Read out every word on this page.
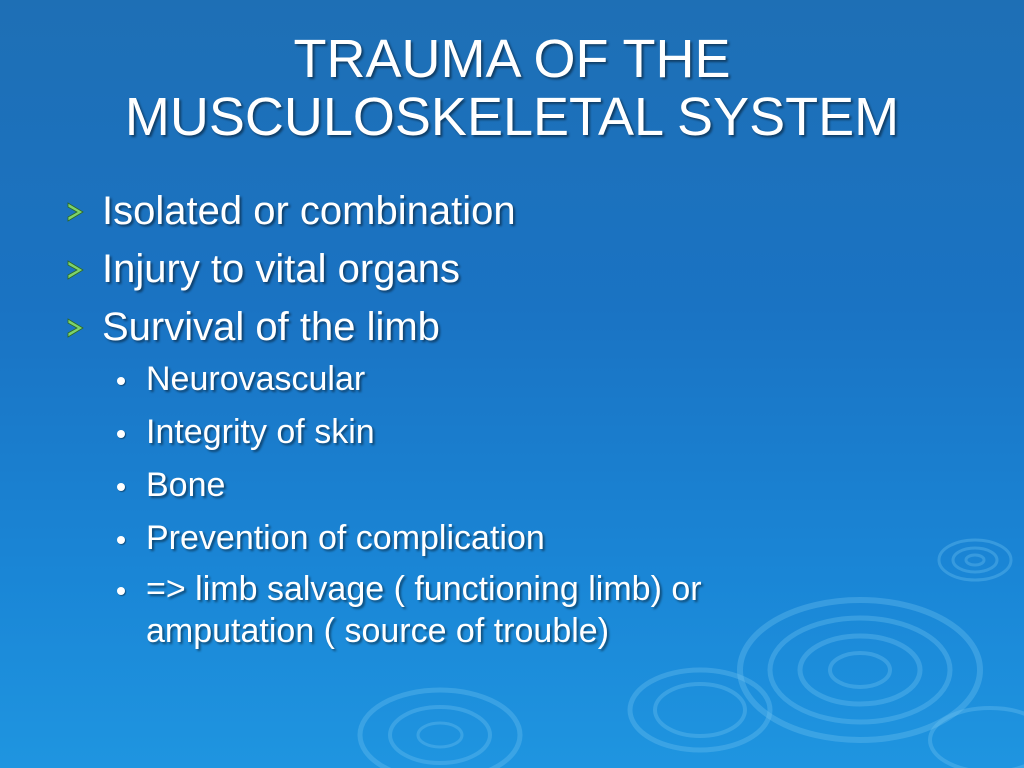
TRAUMA OF THE
MUSCULOSKELETAL SYSTEM
Isolated or combination
Injury to vital organs
Survival of the limb
Neurovascular
Integrity of skin
Bone
Prevention of complication
=> limb salvage ( functioning limb) or amputation ( source of trouble)
